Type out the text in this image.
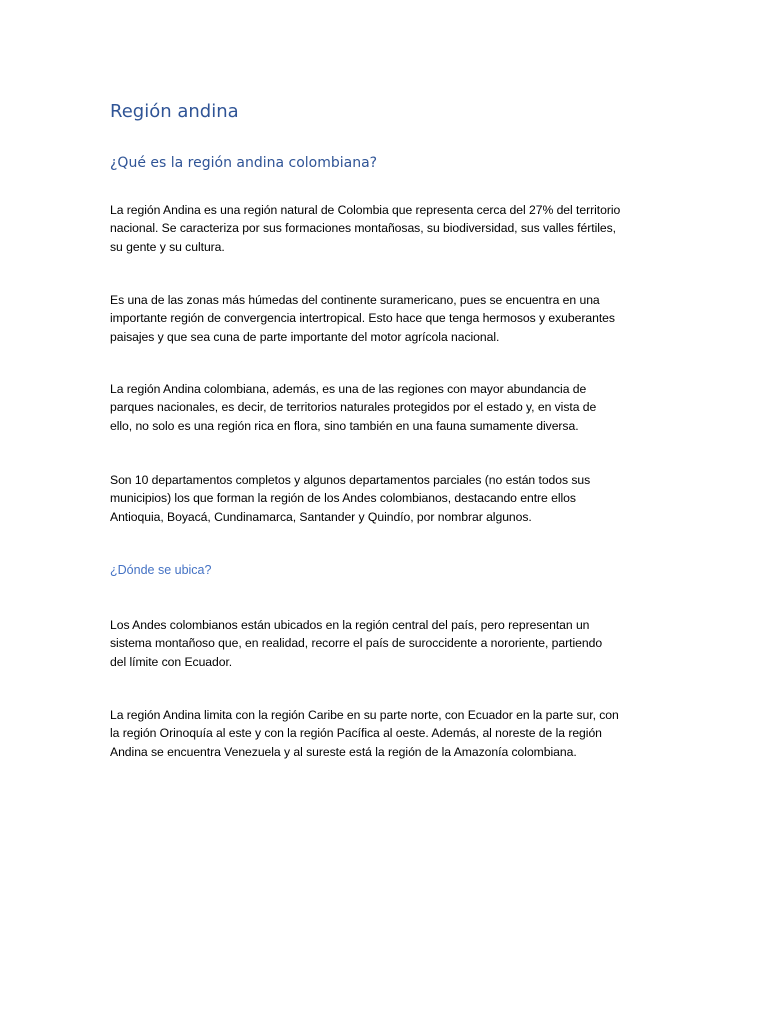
Región andina
¿Qué es la región andina colombiana?

La región Andina es una región natural de Colombia que representa cerca del 27% del territorio
nacional. Se caracteriza por sus formaciones montañosas, su biodiversidad, sus valles fértiles,
su gente y su cultura.

Es una de las zonas más húmedas del continente suramericano, pues se encuentra en una
importante región de convergencia intertropical. Esto hace que tenga hermosos y exuberantes
paisajes y que sea cuna de parte importante del motor agrícola nacional.

La región Andina colombiana, además, es una de las regiones con mayor abundancia de
parques nacionales, es decir, de territorios naturales protegidos por el estado y, en vista de
ello, no solo es una región rica en flora, sino también en una fauna sumamente diversa.

Son 10 departamentos completos y algunos departamentos parciales (no están todos sus
municipios) los que forman la región de los Andes colombianos, destacando entre ellos
Antioquia, Boyacá, Cundinamarca, Santander y Quindío, por nombrar algunos.

¿Dónde se ubica?

Los Andes colombianos están ubicados en la región central del país, pero representan un
sistema montañoso que, en realidad, recorre el país de suroccidente a nororiente, partiendo
del límite con Ecuador.

La región Andina limita con la región Caribe en su parte norte, con Ecuador en la parte sur, con
la región Orinoquía al este y con la región Pacífica al oeste. Además, al noreste de la región
Andina se encuentra Venezuela y al sureste está la región de la Amazonía colombiana.
